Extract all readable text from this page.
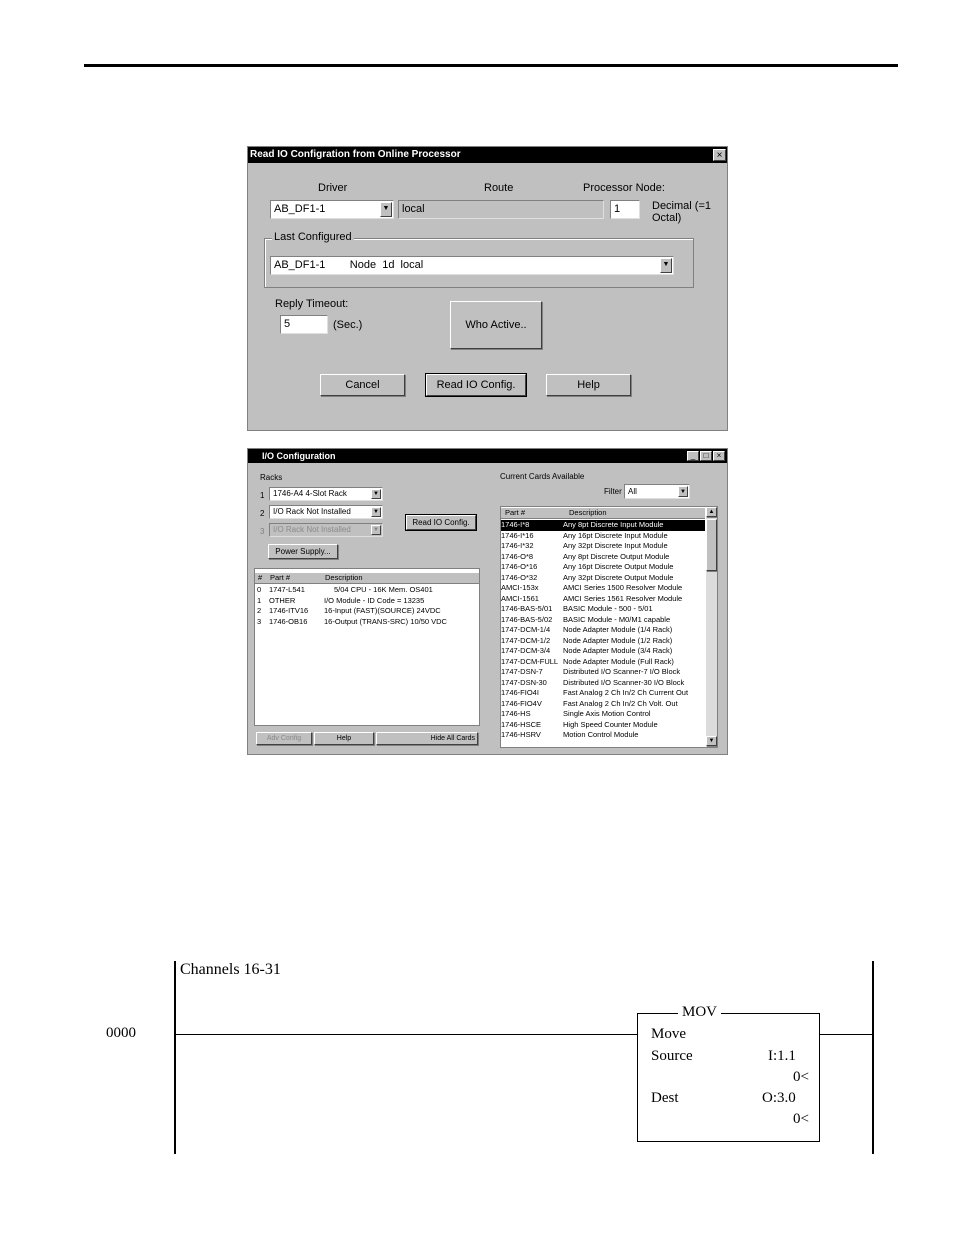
Read IO Configration from Online Processor	×
Driver	Route	Processor Node:
AB_DF1-1	▼	local	1	Decimal (=1
Octal)
Last Configured
AB_DF1-1        Node  1d  local	▼
Reply Timeout:
5	(Sec.)	Who Active..
Cancel	Read IO Config.	Help
I/O Configuration	_	□	×
Racks
1	1746-A4 4-Slot Rack	▼
2	I/O Rack Not Installed	▼
3	I/O Rack Not Installed	▼
Read IO Config.
Power Supply...
# Part #	Description
0 1747-L541	5/04 CPU - 16K Mem. OS401
1 OTHER	I/O Module - ID Code = 13235
2 1746-ITV16 16-Input (FAST)(SOURCE) 24VDC
3 1746-OB16 16-Output (TRANS-SRC) 10/50 VDC
Adv Config	Help	Hide All Cards
Current Cards Available
Filter All	▼
Part #	Description
1746-I*8	Any 8pt Discrete Input Module
1746-I*16	Any 16pt Discrete Input Module
1746-I*32	Any 32pt Discrete Input Module
1746-O*8	Any 8pt Discrete Output Module
1746-O*16	Any 16pt Discrete Output Module
1746-O*32	Any 32pt Discrete Output Module
AMCI-153x	AMCI Series 1500 Resolver Module
AMCI-1561	AMCI Series 1561 Resolver Module
1746-BAS-5/01 BASIC Module - 500 - 5/01
1746-BAS-5/02 BASIC Module - M0/M1 capable
1747-DCM-1/4 Node Adapter Module (1/4 Rack)
1747-DCM-1/2 Node Adapter Module (1/2 Rack)
1747-DCM-3/4 Node Adapter Module (3/4 Rack)
1747-DCM-FULL Node Adapter Module (Full Rack)
1747-DSN-7	Distributed I/O Scanner-7 I/O Block
1747-DSN-30 Distributed I/O Scanner-30 I/O Block
1746-FIO4I	Fast Analog 2 Ch In/2 Ch Current Out
1746-FIO4V	Fast Analog 2 Ch In/2 Ch Volt. Out
1746-HS	Single Axis Motion Control
1746-HSCE	High Speed Counter Module
1746-HSRV	Motion Control Module
▲
▼
0000
Channels 16-31
MOV
Move
Source	I:1.1
0<
Dest	O:3.0
0<
